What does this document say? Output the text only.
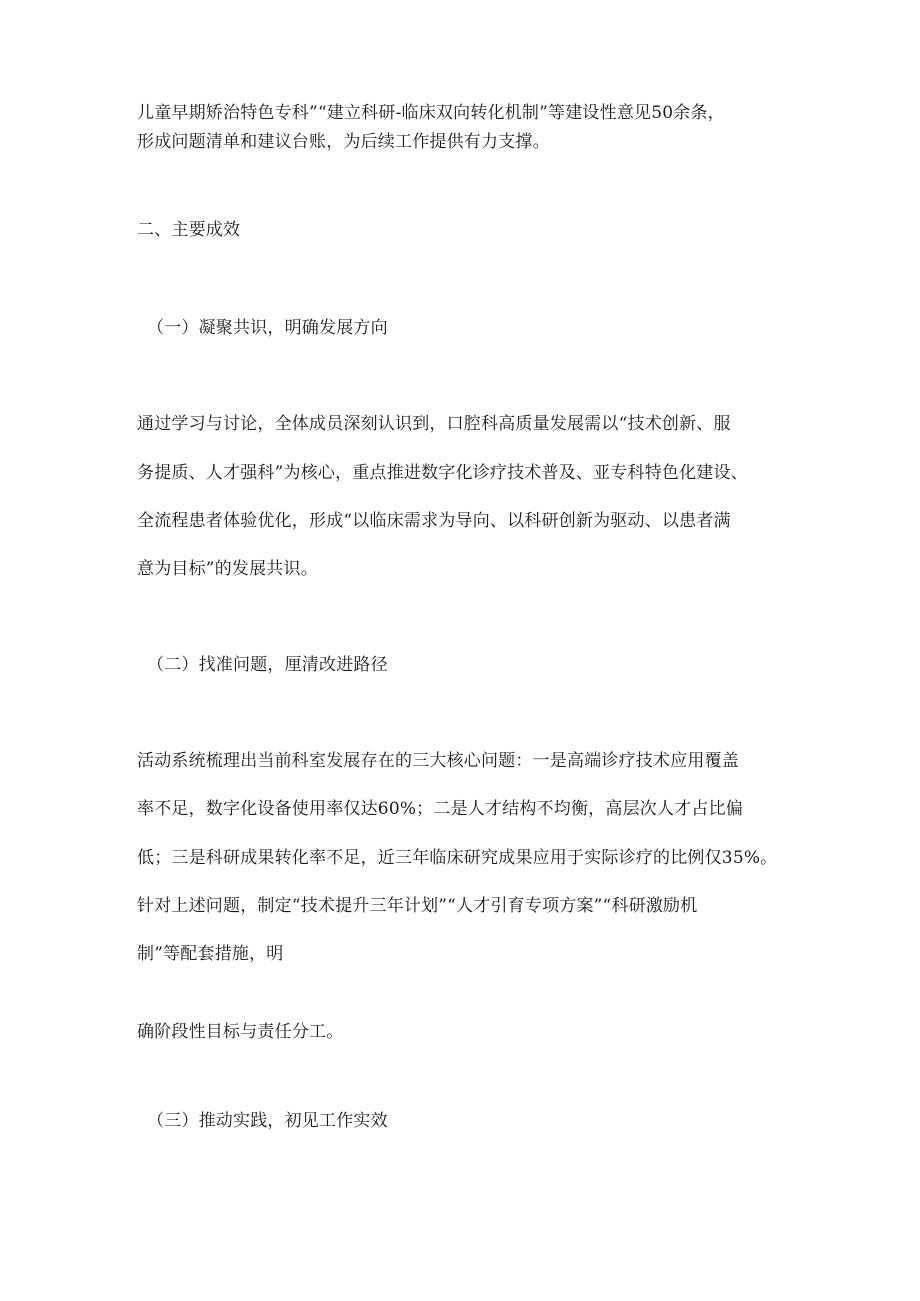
儿童早期矫治特色专科”“建立科研-临床双向转化机制”等建设性意见50余条，
形成问题清单和建议台账，为后续工作提供有力支撑。
二、主要成效
（一）凝聚共识，明确发展方向
通过学习与讨论，全体成员深刻认识到，口腔科高质量发展需以“技术创新、服
务提质、人才强科”为核心，重点推进数字化诊疗技术普及、亚专科特色化建设、
全流程患者体验优化，形成“以临床需求为导向、以科研创新为驱动、以患者满
意为目标”的发展共识。
（二）找准问题，厘清改进路径
活动系统梳理出当前科室发展存在的三大核心问题：一是高端诊疗技术应用覆盖
率不足，数字化设备使用率仅达60%；二是人才结构不均衡，高层次人才占比偏
低；三是科研成果转化率不足，近三年临床研究成果应用于实际诊疗的比例仅35%。
针对上述问题，制定“技术提升三年计划”“人才引育专项方案”“科研激励机
制”等配套措施，明
确阶段性目标与责任分工。
（三）推动实践，初见工作实效
